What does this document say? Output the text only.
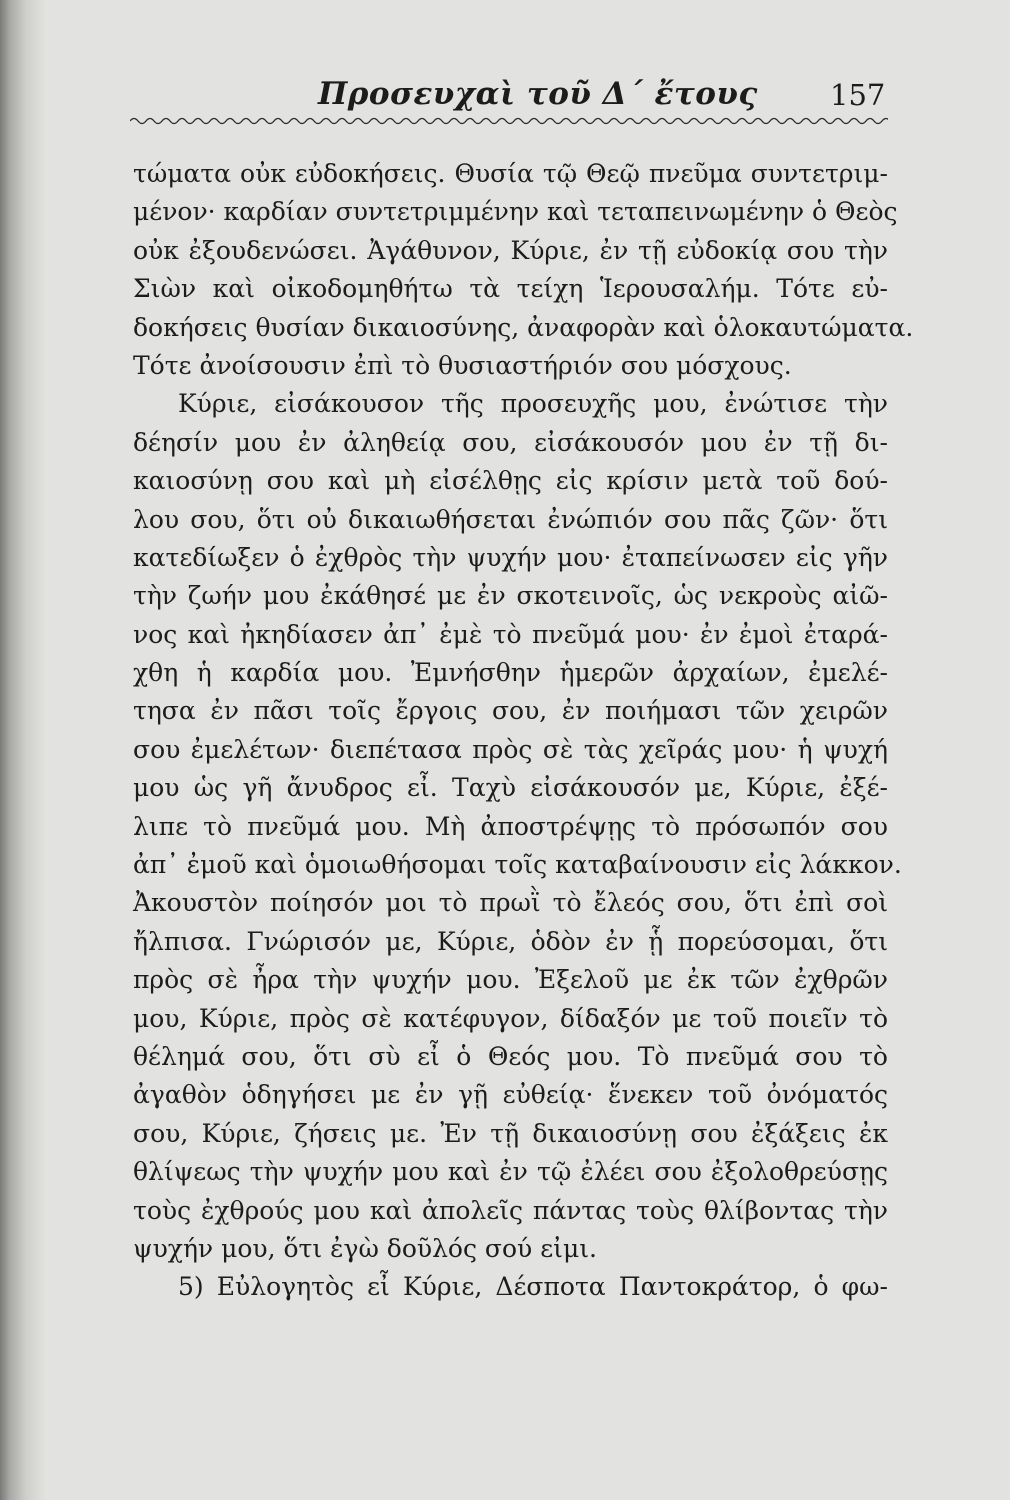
Προσευχαὶ τοῦ Δ΄ ἔτους 157
τώματα οὐκ εὐδοκήσεις. Θυσία τῷ Θεῷ πνεῦμα συντετριμ-
μένον· καρδίαν συντετριμμένην καὶ τεταπεινωμένην ὁ Θεὸς
οὐκ ἐξουδενώσει. Ἀγάθυνον, Κύριε, ἐν τῇ εὐδοκίᾳ σου τὴν
Σιὼν καὶ οἰκοδομηθήτω τὰ τείχη Ἱερουσαλήμ. Τότε εὐ-
δοκήσεις θυσίαν δικαιοσύνης, ἀναφορὰν καὶ ὁλοκαυτώματα.
Τότε ἀνοίσουσιν ἐπὶ τὸ θυσιαστήριόν σου μόσχους.
Κύριε, εἰσάκουσον τῆς προσευχῆς μου, ἐνώτισε τὴν
δέησίν μου ἐν ἀληθείᾳ σου, εἰσάκουσόν μου ἐν τῇ δι-
καιοσύνῃ σου καὶ μὴ εἰσέλθῃς εἰς κρίσιν μετὰ τοῦ δού-
λου σου, ὅτι οὐ δικαιωθήσεται ἐνώπιόν σου πᾶς ζῶν· ὅτι
κατεδίωξεν ὁ ἐχθρὸς τὴν ψυχήν μου· ἐταπείνωσεν εἰς γῆν
τὴν ζωήν μου ἐκάθησέ με ἐν σκοτεινοῖς, ὡς νεκροὺς αἰῶ-
νος καὶ ἠκηδίασεν ἀπ᾿ ἐμὲ τὸ πνεῦμά μου· ἐν ἐμοὶ ἐταρά-
χθη ἡ καρδία μου. Ἐμνήσθην ἡμερῶν ἀρχαίων, ἐμελέ-
τησα ἐν πᾶσι τοῖς ἔργοις σου, ἐν ποιήμασι τῶν χειρῶν
σου ἐμελέτων· διεπέτασα πρὸς σὲ τὰς χεῖράς μου· ἡ ψυχή
μου ὡς γῆ ἄνυδρος εἶ. Ταχὺ εἰσάκουσόν με, Κύριε, ἐξέ-
λιπε τὸ πνεῦμά μου. Μὴ ἀποστρέψῃς τὸ πρόσωπόν σου
ἀπ᾿ ἐμοῦ καὶ ὁμοιωθήσομαι τοῖς καταβαίνουσιν εἰς λάκκον.
Ἀκουστὸν ποίησόν μοι τὸ πρωῒ τὸ ἔλεός σου, ὅτι ἐπὶ σοὶ
ἤλπισα. Γνώρισόν με, Κύριε, ὁδὸν ἐν ᾗ πορεύσομαι, ὅτι
πρὸς σὲ ἦρα τὴν ψυχήν μου. Ἐξελοῦ με ἐκ τῶν ἐχθρῶν
μου, Κύριε, πρὸς σὲ κατέφυγον, δίδαξόν με τοῦ ποιεῖν τὸ
θέλημά σου, ὅτι σὺ εἶ ὁ Θεός μου. Τὸ πνεῦμά σου τὸ
ἀγαθὸν ὁδηγήσει με ἐν γῇ εὐθείᾳ· ἕνεκεν τοῦ ὀνόματός
σου, Κύριε, ζήσεις με. Ἐν τῇ δικαιοσύνῃ σου ἐξάξεις ἐκ
θλίψεως τὴν ψυχήν μου καὶ ἐν τῷ ἐλέει σου ἐξολοθρεύσῃς
τοὺς ἐχθρούς μου καὶ ἀπολεῖς πάντας τοὺς θλίβοντας τὴν
ψυχήν μου, ὅτι ἐγὼ δοῦλός σού εἰμι.
5) Εὐλογητὸς εἶ Κύριε, Δέσποτα Παντοκράτορ, ὁ φω-
